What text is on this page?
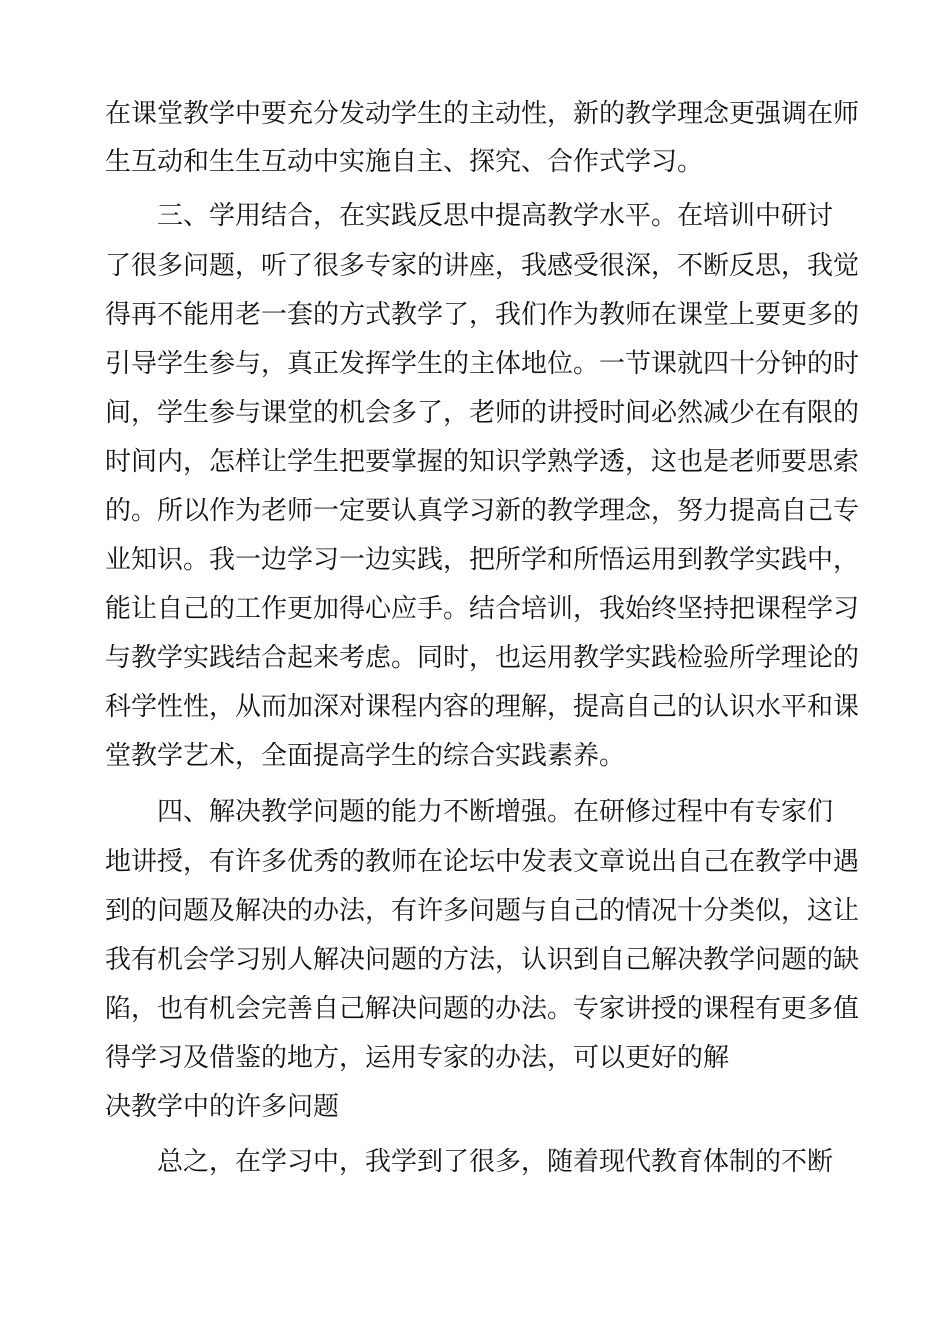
在课堂教学中要充分发动学生的主动性，新的教学理念更强调在师
生互动和生生互动中实施自主、探究、合作式学习。
三、学用结合，在实践反思中提高教学水平。在培训中研讨
了很多问题，听了很多专家的讲座，我感受很深，不断反思，我觉
得再不能用老一套的方式教学了，我们作为教师在课堂上要更多的
引导学生参与，真正发挥学生的主体地位。一节课就四十分钟的时
间，学生参与课堂的机会多了，老师的讲授时间必然减少在有限的
时间内，怎样让学生把要掌握的知识学熟学透，这也是老师要思索
的。所以作为老师一定要认真学习新的教学理念，努力提高自己专
业知识。我一边学习一边实践，把所学和所悟运用到教学实践中，
能让自己的工作更加得心应手。结合培训，我始终坚持把课程学习
与教学实践结合起来考虑。同时，也运用教学实践检验所学理论的
科学性性，从而加深对课程内容的理解，提高自己的认识水平和课
堂教学艺术，全面提高学生的综合实践素养。
四、解决教学问题的能力不断增强。在研修过程中有专家们
地讲授，有许多优秀的教师在论坛中发表文章说出自己在教学中遇
到的问题及解决的办法，有许多问题与自己的情况十分类似，这让
我有机会学习别人解决问题的方法，认识到自己解决教学问题的缺
陷，也有机会完善自己解决问题的办法。专家讲授的课程有更多值
得学习及借鉴的地方，运用专家的办法，可以更好的解
决教学中的许多问题
总之，在学习中，我学到了很多，随着现代教育体制的不断
